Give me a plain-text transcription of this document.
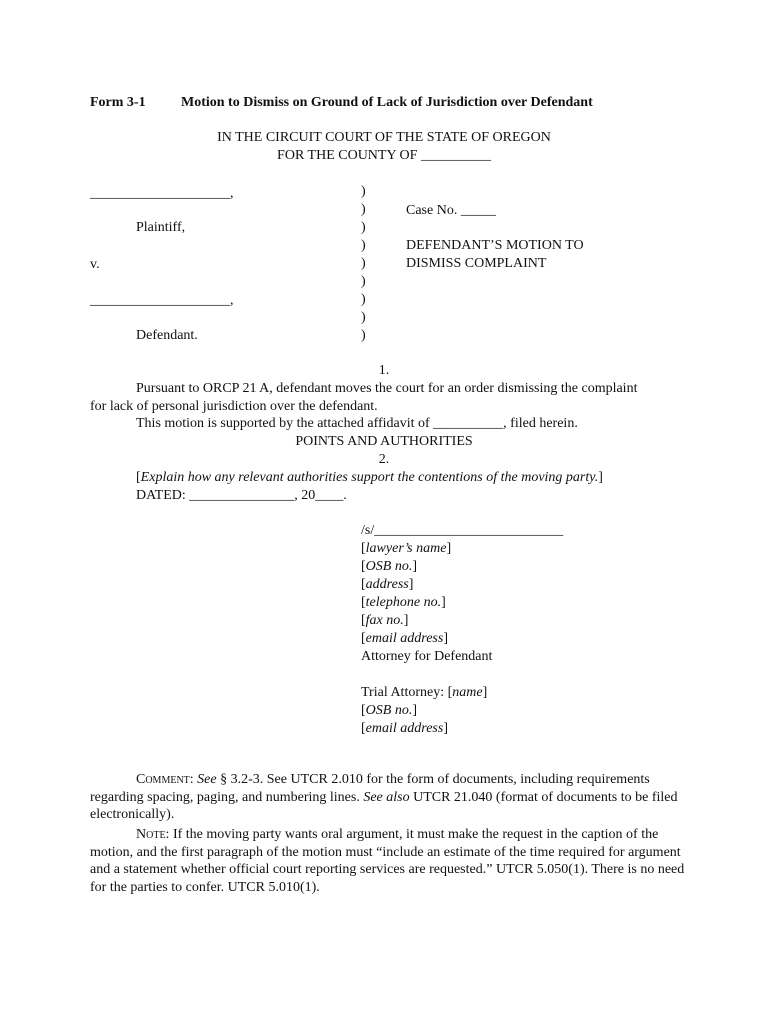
Form 3-1	Motion to Dismiss on Ground of Lack of Jurisdiction over Defendant
IN THE CIRCUIT COURT OF THE STATE OF OREGON
FOR THE COUNTY OF __________
____________________,
Plaintiff,
v.
____________________,
Defendant.
)
)
)
)
)
)
)
)
)
Case No. _____
DEFENDANT’S MOTION TO
DISMISS COMPLAINT
1.
Pursuant to ORCP 21 A, defendant moves the court for an order dismissing the complaint
for lack of personal jurisdiction over the defendant.
This motion is supported by the attached affidavit of __________, filed herein.
POINTS AND AUTHORITIES
2.
[Explain how any relevant authorities support the contentions of the moving party.]
DATED: _______________, 20____.
/s/___________________________
[lawyer’s name]
[OSB no.]
[address]
[telephone no.]
[fax no.]
[email address]
Attorney for Defendant
Trial Attorney: [name]
[OSB no.]
[email address]
Comment: See § 3.2-3. See UTCR 2.010 for the form of documents, including requirements regarding spacing, paging, and numbering lines. See also UTCR 21.040 (format of documents to be filed electronically).
Note: If the moving party wants oral argument, it must make the request in the caption of the motion, and the first paragraph of the motion must “include an estimate of the time required for argument and a statement whether official court reporting services are requested.” UTCR 5.050(1). There is no need for the parties to confer. UTCR 5.010(1).
